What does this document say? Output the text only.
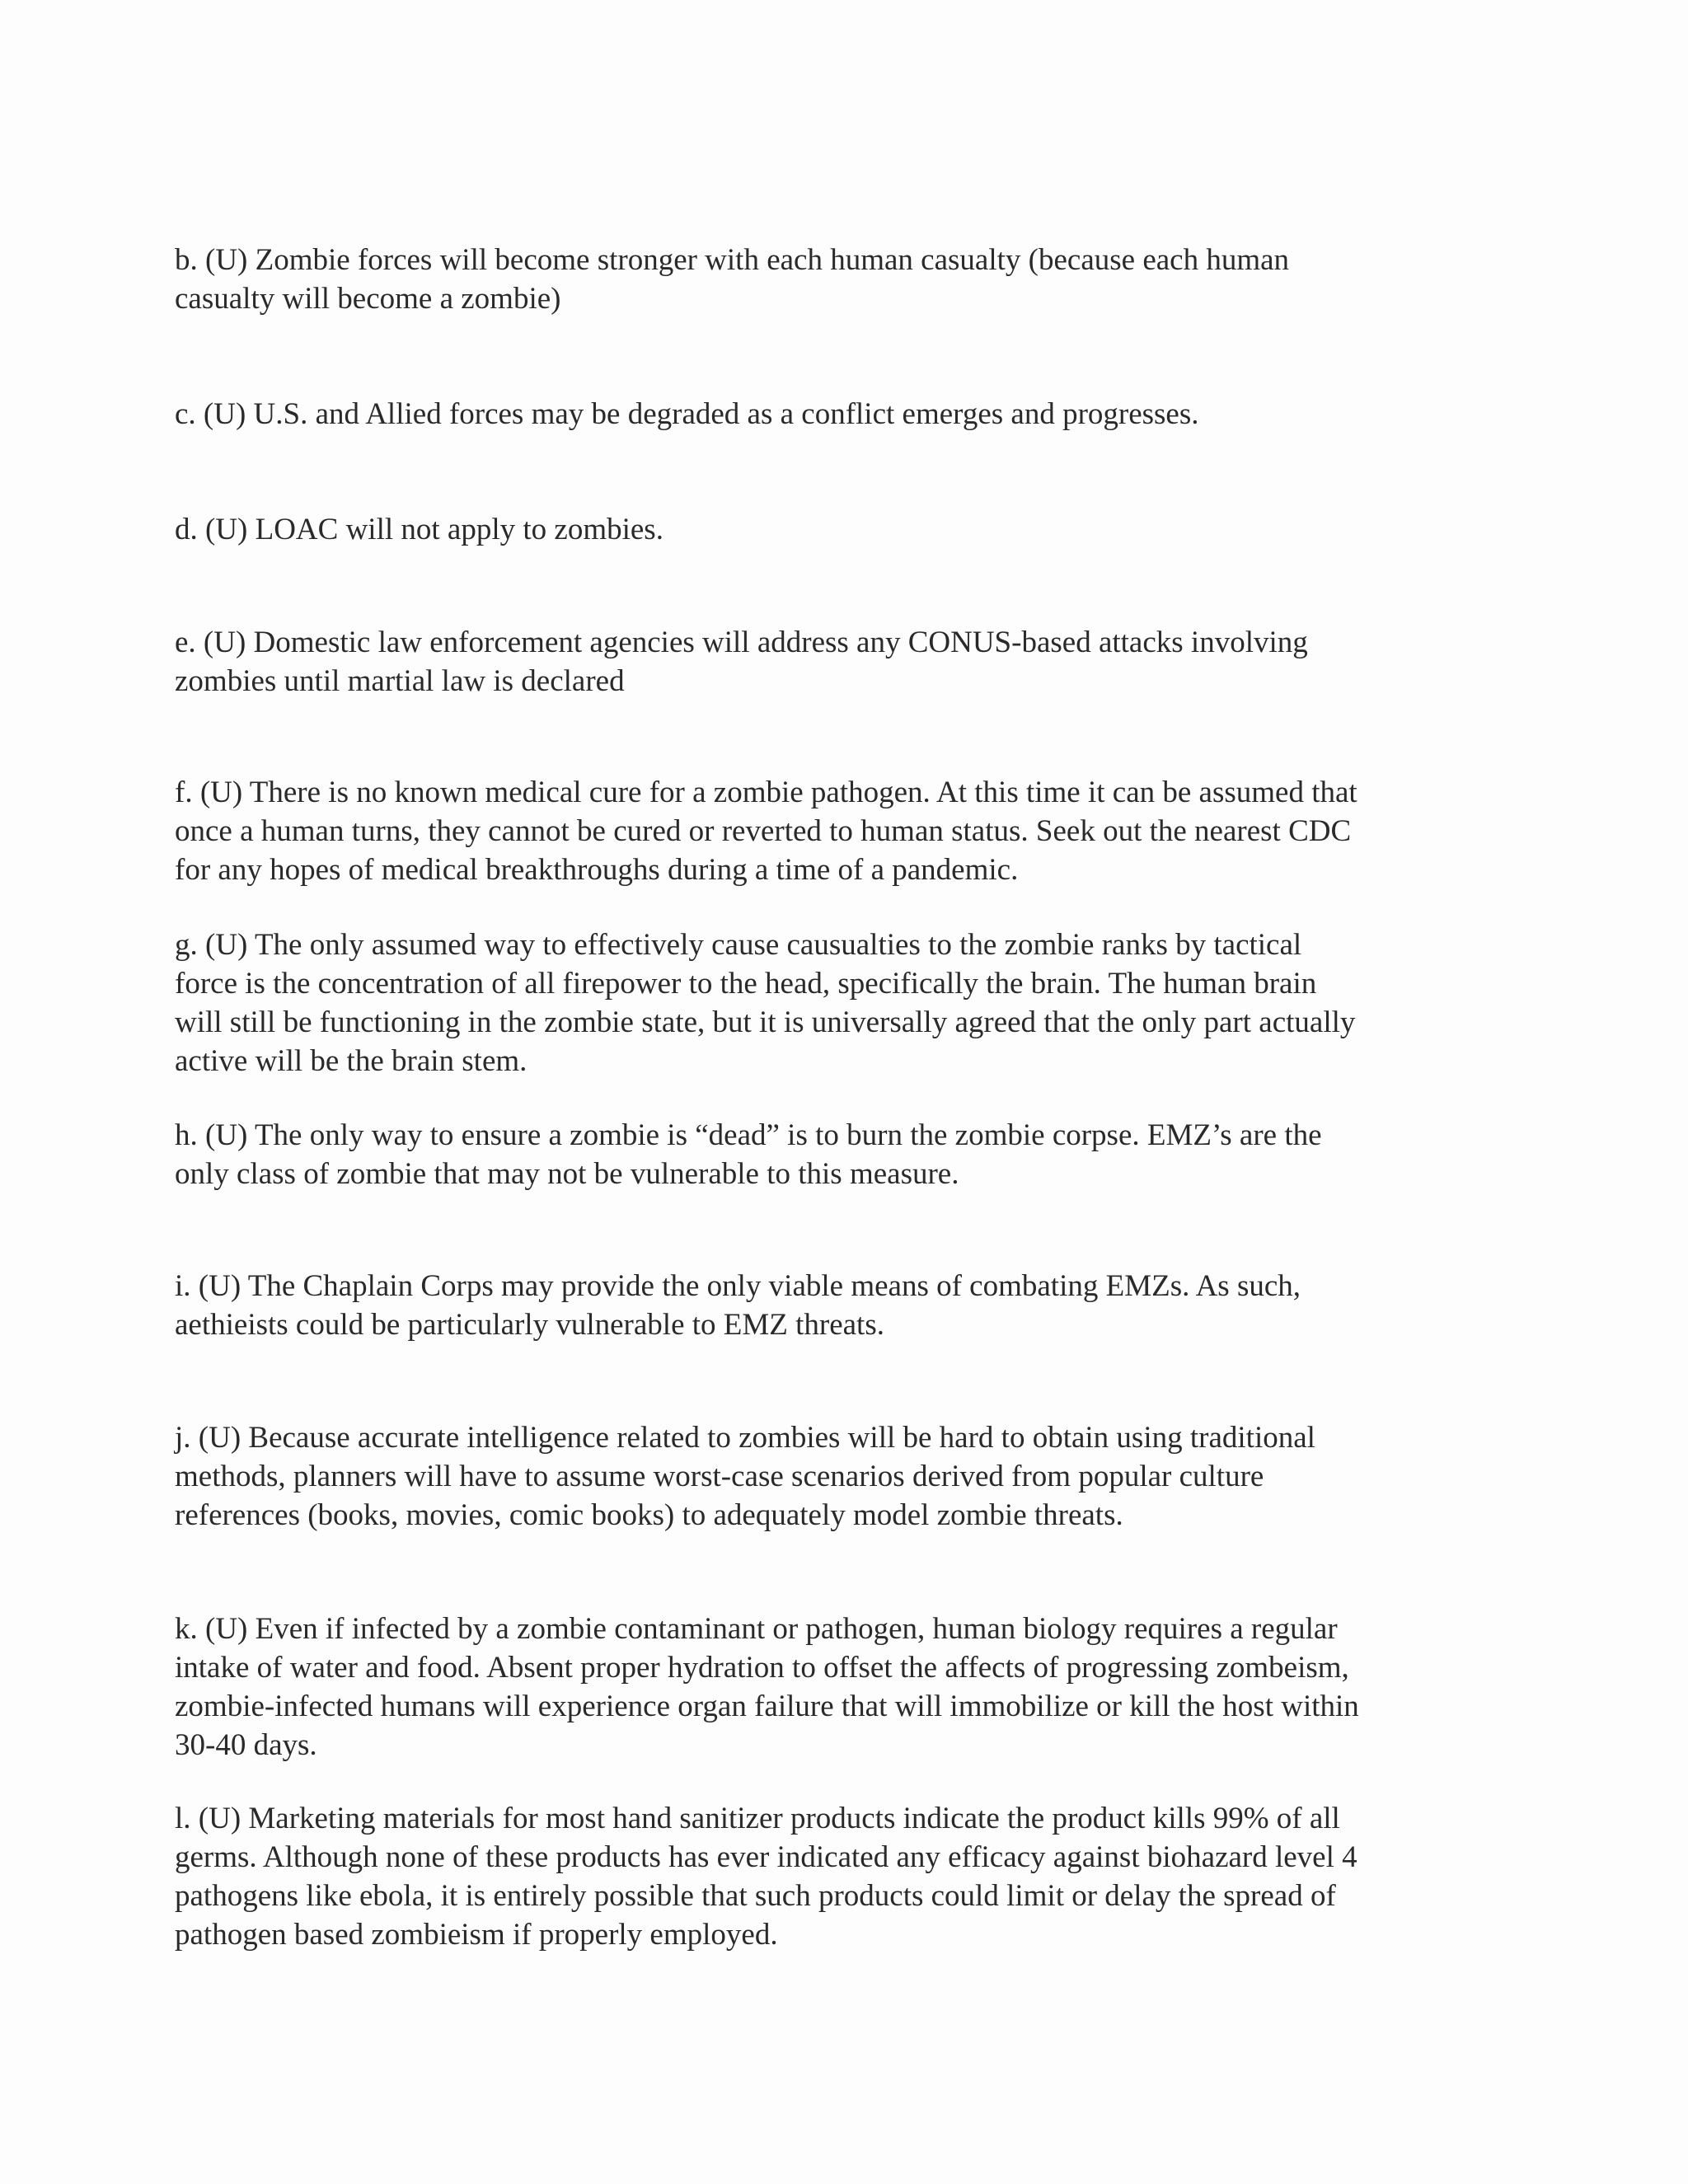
b. (U) Zombie forces will become stronger with each human casualty (because each human
casualty will become a zombie)

c. (U) U.S. and Allied forces may be degraded as a conflict emerges and progresses.

d. (U) LOAC will not apply to zombies.

e. (U) Domestic law enforcement agencies will address any CONUS-based attacks involving
zombies until martial law is declared

f. (U) There is no known medical cure for a zombie pathogen. At this time it can be assumed that
once a human turns, they cannot be cured or reverted to human status. Seek out the nearest CDC
for any hopes of medical breakthroughs during a time of a pandemic.

g. (U) The only assumed way to effectively cause causualties to the zombie ranks by tactical
force is the concentration of all firepower to the head, specifically the brain. The human brain
will still be functioning in the zombie state, but it is universally agreed that the only part actually
active will be the brain stem.

h. (U) The only way to ensure a zombie is “dead” is to burn the zombie corpse. EMZ’s are the
only class of zombie that may not be vulnerable to this measure.

i. (U) The Chaplain Corps may provide the only viable means of combating EMZs. As such,
aethieists could be particularly vulnerable to EMZ threats.

j. (U) Because accurate intelligence related to zombies will be hard to obtain using traditional
methods, planners will have to assume worst-case scenarios derived from popular culture
references (books, movies, comic books) to adequately model zombie threats.

k. (U) Even if infected by a zombie contaminant or pathogen, human biology requires a regular
intake of water and food. Absent proper hydration to offset the affects of progressing zombeism,
zombie-infected humans will experience organ failure that will immobilize or kill the host within
30-40 days.

l. (U) Marketing materials for most hand sanitizer products indicate the product kills 99% of all
germs. Although none of these products has ever indicated any efficacy against biohazard level 4
pathogens like ebola, it is entirely possible that such products could limit or delay the spread of
pathogen based zombieism if properly employed.
